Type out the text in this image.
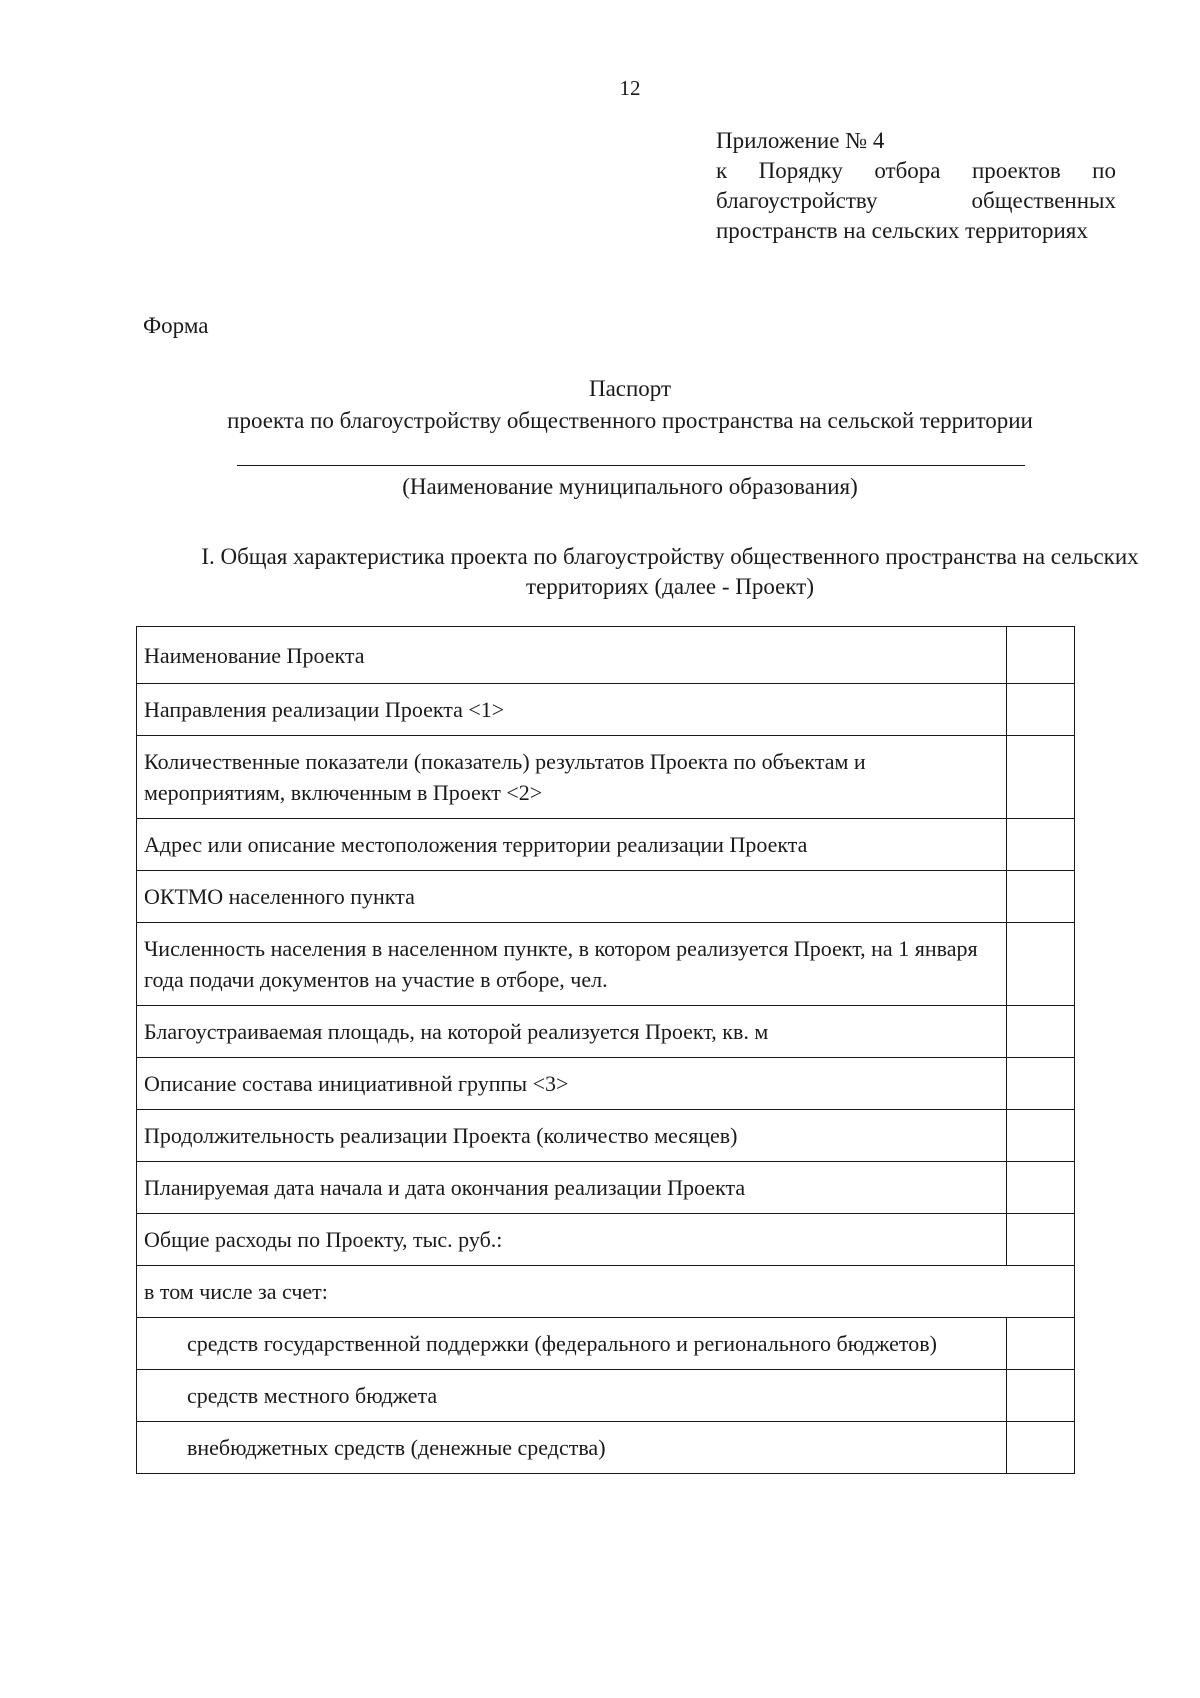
12
Приложение № 4
к Порядку отбора проектов по благоустройству общественных пространств на сельских территориях
Форма
Паспорт
проекта по благоустройству общественного пространства на сельской территории
(Наименование муниципального образования)
I. Общая характеристика проекта по благоустройству общественного пространства на сельских территориях (далее - Проект)
Наименование Проекта	
Направления реализации Проекта <1>	
Количественные показатели (показатель) результатов Проекта по объектам и мероприятиям, включенным в Проект <2>	
Адрес или описание местоположения территории реализации Проекта	
ОКТМО населенного пункта	
Численность населения в населенном пункте, в котором реализуется Проект, на 1 января года подачи документов на участие в отборе, чел.	
Благоустраиваемая площадь, на которой реализуется Проект, кв. м	
Описание состава инициативной группы <3>	
Продолжительность реализации Проекта (количество месяцев)	
Планируемая дата начала и дата окончания реализации Проекта	
Общие расходы по Проекту, тыс. руб.:	
в том числе за счет:	
средств государственной поддержки (федерального и регионального бюджетов)	
средств местного бюджета	
внебюджетных средств (денежные средства)	
